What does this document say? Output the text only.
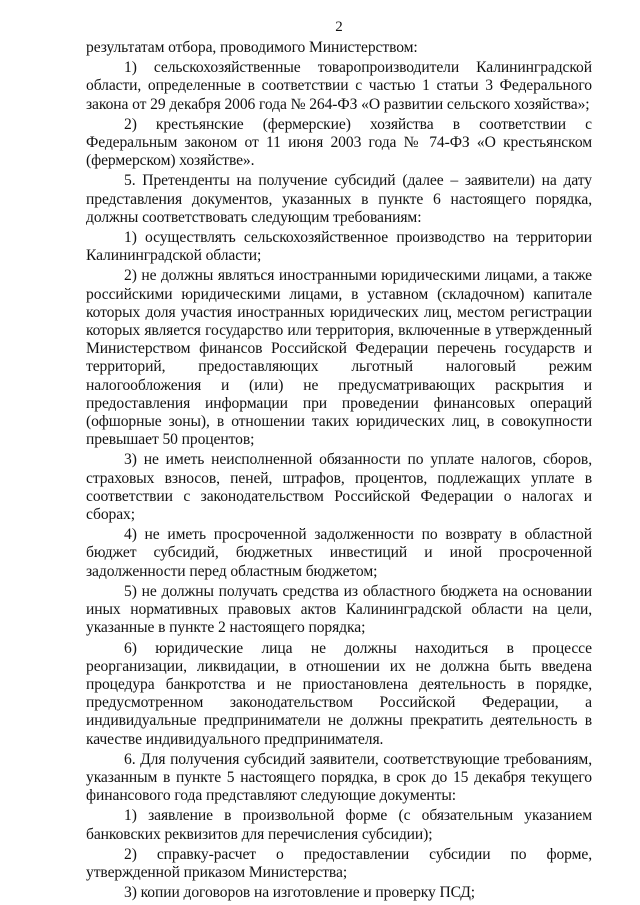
2

результатам отбора, проводимого Министерством:

1) сельскохозяйственные товаропроизводители Калининградской области, определенные в соответствии с частью 1 статьи 3 Федерального закона от 29 декабря 2006 года № 264-ФЗ «О развитии сельского хозяйства»;

2) крестьянские (фермерские) хозяйства в соответствии с Федеральным законом от 11 июня 2003 года № 74-ФЗ «О крестьянском (фермерском) хозяйстве».

5. Претенденты на получение субсидий (далее – заявители) на дату представления документов, указанных в пункте 6 настоящего порядка, должны соответствовать следующим требованиям:

1) осуществлять сельскохозяйственное производство на территории Калининградской области;

2) не должны являться иностранными юридическими лицами, а также российскими юридическими лицами, в уставном (складочном) капитале которых доля участия иностранных юридических лиц, местом регистрации которых является государство или территория, включенные в утвержденный Министерством финансов Российской Федерации перечень государств и территорий, предоставляющих льготный налоговый режим налогообложения и (или) не предусматривающих раскрытия и предоставления информации при проведении финансовых операций (офшорные зоны), в отношении таких юридических лиц, в совокупности превышает 50 процентов;

3) не иметь неисполненной обязанности по уплате налогов, сборов, страховых взносов, пеней, штрафов, процентов, подлежащих уплате в соответствии с законодательством Российской Федерации о налогах и сборах;

4) не иметь просроченной задолженности по возврату в областной бюджет субсидий, бюджетных инвестиций и иной просроченной задолженности перед областным бюджетом;

5) не должны получать средства из областного бюджета на основании иных нормативных правовых актов Калининградской области на цели, указанные в пункте 2 настоящего порядка;

6) юридические лица не должны находиться в процессе реорганизации, ликвидации, в отношении их не должна быть введена процедура банкротства и не приостановлена деятельность в порядке, предусмотренном законодательством Российской Федерации, а индивидуальные предприниматели не должны прекратить деятельность в качестве индивидуального предпринимателя.

6. Для получения субсидий заявители, соответствующие требованиям, указанным в пункте 5 настоящего порядка, в срок до 15 декабря текущего финансового года представляют следующие документы:

1) заявление в произвольной форме (с обязательным указанием банковских реквизитов для перечисления субсидии);

2) справку-расчет о предоставлении субсидии по форме, утвержденной приказом Министерства;

3) копии договоров на изготовление и проверку ПСД;
